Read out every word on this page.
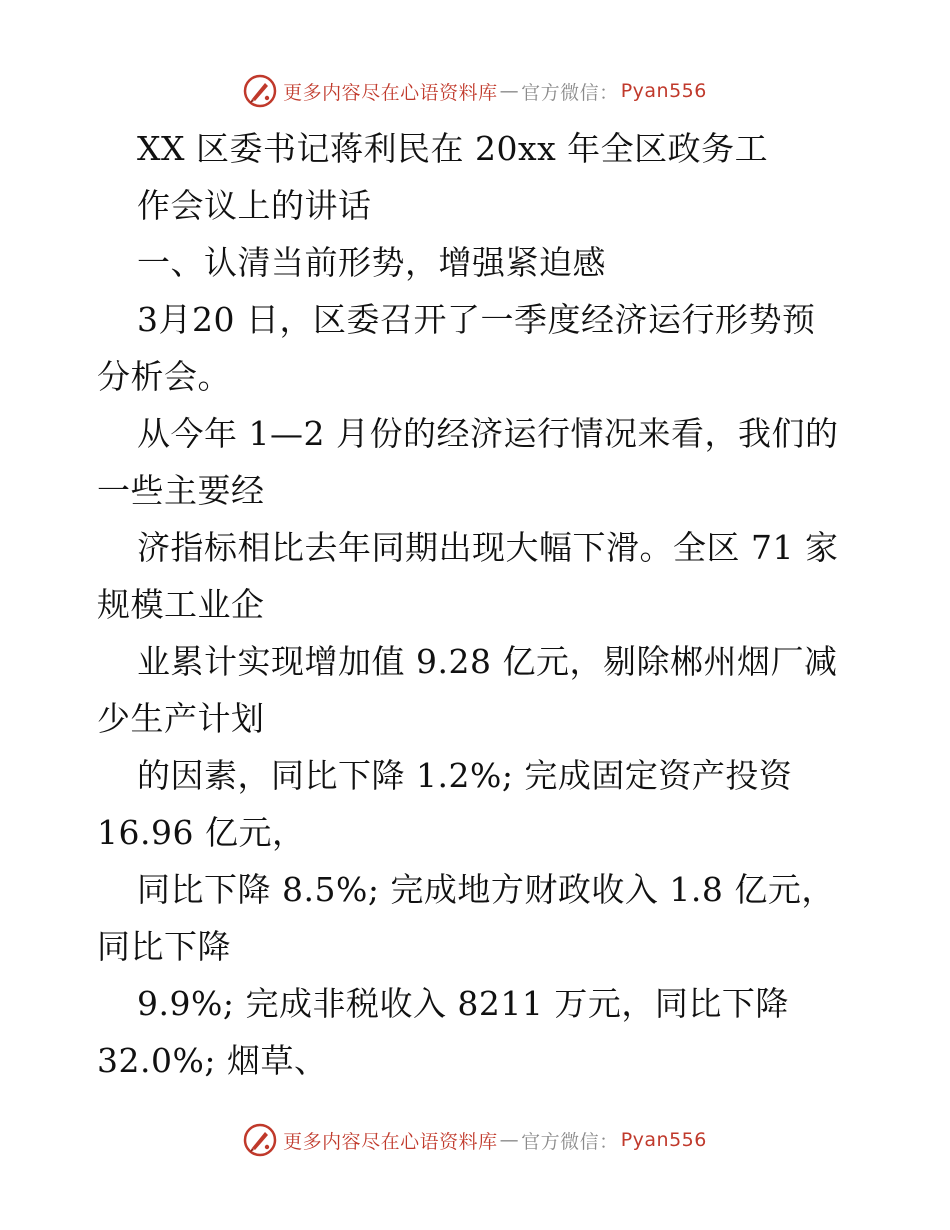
更多内容尽在心语资料库 — 官方微信： Pyan556
XX 区委书记蒋利民在 20xx 年全区政务工
作会议上的讲话
一、认清当前形势，增强紧迫感
3月20 日，区委召开了一季度经济运行形势预
分析会。
从今年 1—2 月份的经济运行情况来看，我们的
一些主要经
济指标相比去年同期出现大幅下滑。全区 71 家
规模工业企
业累计实现增加值 9.28 亿元，剔除郴州烟厂减
少生产计划
的因素，同比下降 1.2%; 完成固定资产投资
16.96 亿元，
同比下降 8.5%; 完成地方财政收入 1.8 亿元，
同比下降
9.9%; 完成非税收入 8211 万元，同比下降
32.0%; 烟草、
更多内容尽在心语资料库 — 官方微信： Pyan556
